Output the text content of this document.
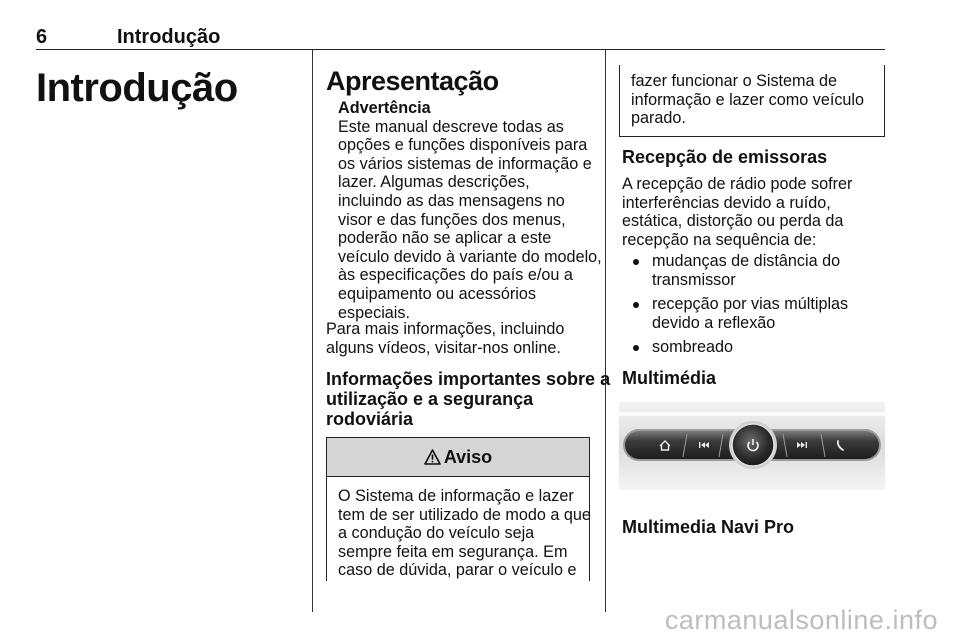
6	Introdução
Introdução	Apresentação
Advertência
Este manual descreve todas as
opções e funções disponíveis para
os vários sistemas de informação e
lazer. Algumas descrições,
incluindo as das mensagens no
visor e das funções dos menus,
poderão não se aplicar a este
veículo devido à variante do modelo,
às especificações do país e/ou a
equipamento ou acessórios
especiais.
Para mais informações, incluindo
alguns vídeos, visitar-nos online.
Informações importantes sobre a
utilização e a segurança
rodoviária
Aviso
O Sistema de informação e lazer
tem de ser utilizado de modo a que
a condução do veículo seja
sempre feita em segurança. Em
caso de dúvida, parar o veículo e
fazer funcionar o Sistema de
informação e lazer como veículo
parado.
Recepção de emissoras
A recepção de rádio pode sofrer
interferências devido a ruído,
estática, distorção ou perda da
recepção na sequência de:
mudanças de distância do
transmissor
recepção por vias múltiplas
devido a reflexão
sombreado
Multimédia
Multimedia Navi Pro
carmanualsonline.info
